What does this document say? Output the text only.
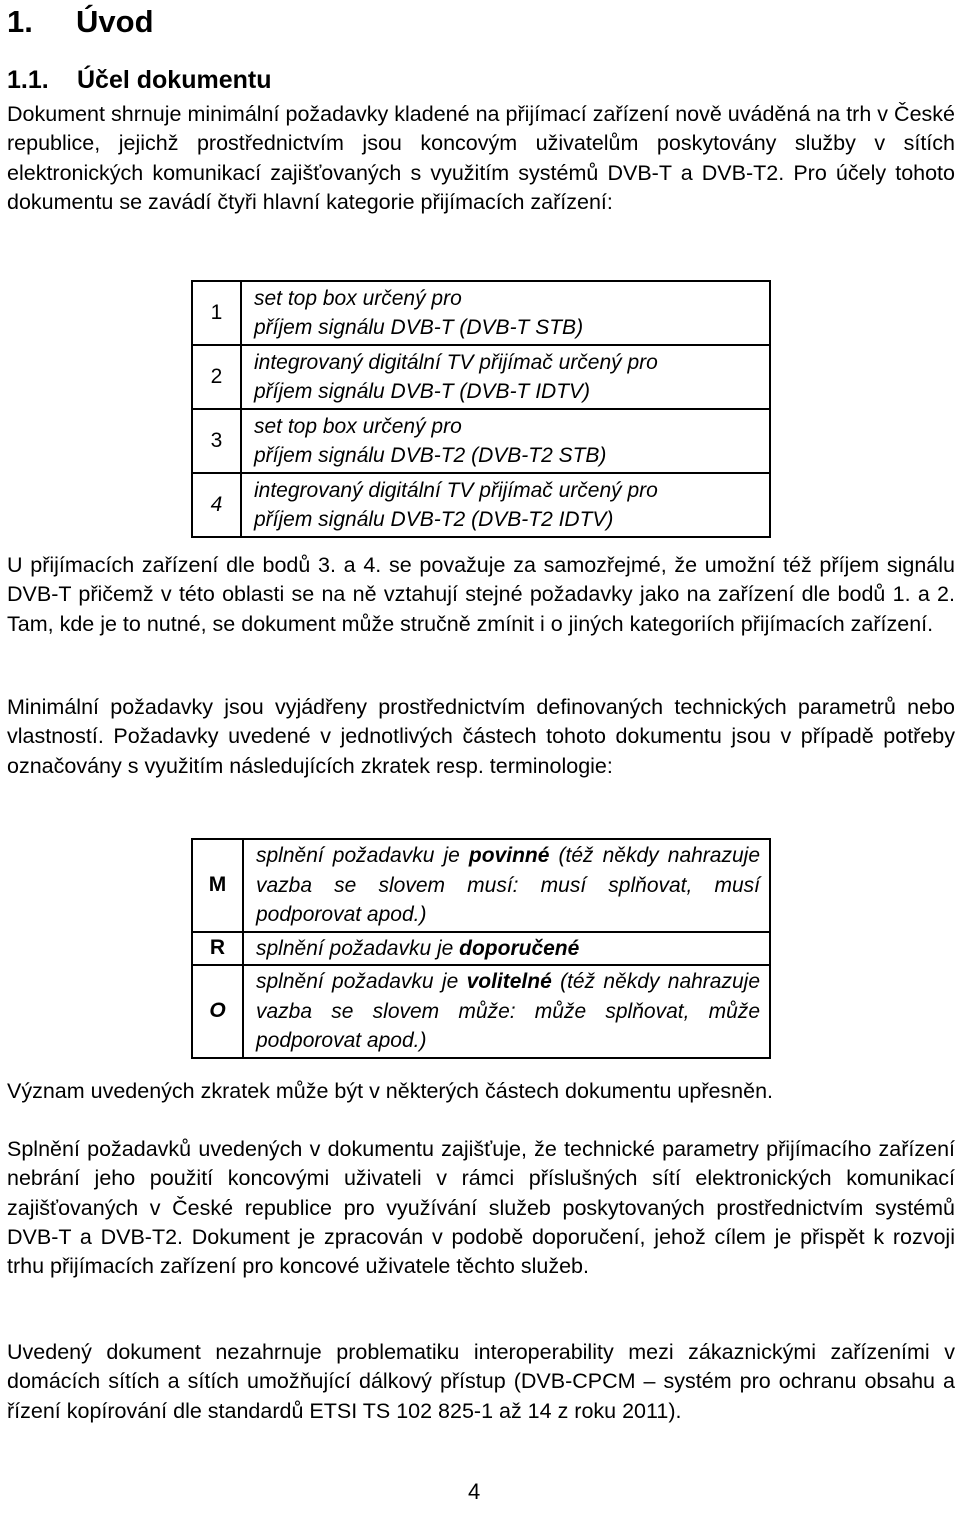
1. Úvod
1.1. Účel dokumentu

Dokument shrnuje minimální požadavky kladené na přijímací zařízení nově uváděná na trh v České republice, jejichž prostřednictvím jsou koncovým uživatelům poskytovány služby v sítích elektronických komunikací zajišťovaných s využitím systémů DVB-T a DVB-T2. Pro účely tohoto dokumentu se zavádí čtyři hlavní kategorie přijímacích zařízení:

1	set top box určený pro
příjem signálu DVB-T (DVB-T STB)
2	integrovaný digitální TV přijímač určený pro
příjem signálu DVB-T (DVB-T IDTV)
3	set top box určený pro
příjem signálu DVB-T2 (DVB-T2 STB)
4	integrovaný digitální TV přijímač určený pro
příjem signálu DVB-T2 (DVB-T2 IDTV)

U přijímacích zařízení dle bodů 3. a 4. se považuje za samozřejmé, že umožní též příjem signálu DVB-T přičemž v této oblasti se na ně vztahují stejné požadavky jako na zařízení dle bodů 1. a 2. Tam, kde je to nutné, se dokument může stručně zmínit i o jiných kategoriích přijímacích zařízení.

Minimální požadavky jsou vyjádřeny prostřednictvím definovaných technických parametrů nebo vlastností. Požadavky uvedené v jednotlivých částech tohoto dokumentu jsou v případě potřeby označovány s využitím následujících zkratek resp. terminologie:

M	splnění požadavku je povinné (též někdy nahrazuje vazba se slovem musí: musí splňovat, musí podporovat apod.)
R	splnění požadavku je doporučené
O	splnění požadavku je volitelné (též někdy nahrazuje vazba se slovem může: může splňovat, může podporovat apod.)

Význam uvedených zkratek může být v některých částech dokumentu upřesněn.

Splnění požadavků uvedených v dokumentu zajišťuje, že technické parametry přijímacího zařízení nebrání jeho použití koncovými uživateli v rámci příslušných sítí elektronických komunikací zajišťovaných v České republice pro využívání služeb poskytovaných prostřednictvím systémů DVB-T a DVB-T2. Dokument je zpracován v podobě doporučení, jehož cílem je přispět k rozvoji trhu přijímacích zařízení pro koncové uživatele těchto služeb.

Uvedený dokument nezahrnuje problematiku interoperability mezi zákaznickými zařízeními v domácích sítích a sítích umožňující dálkový přístup (DVB-CPCM – systém pro ochranu obsahu a řízení kopírování dle standardů ETSI TS 102 825-1 až 14 z roku 2011).

4
